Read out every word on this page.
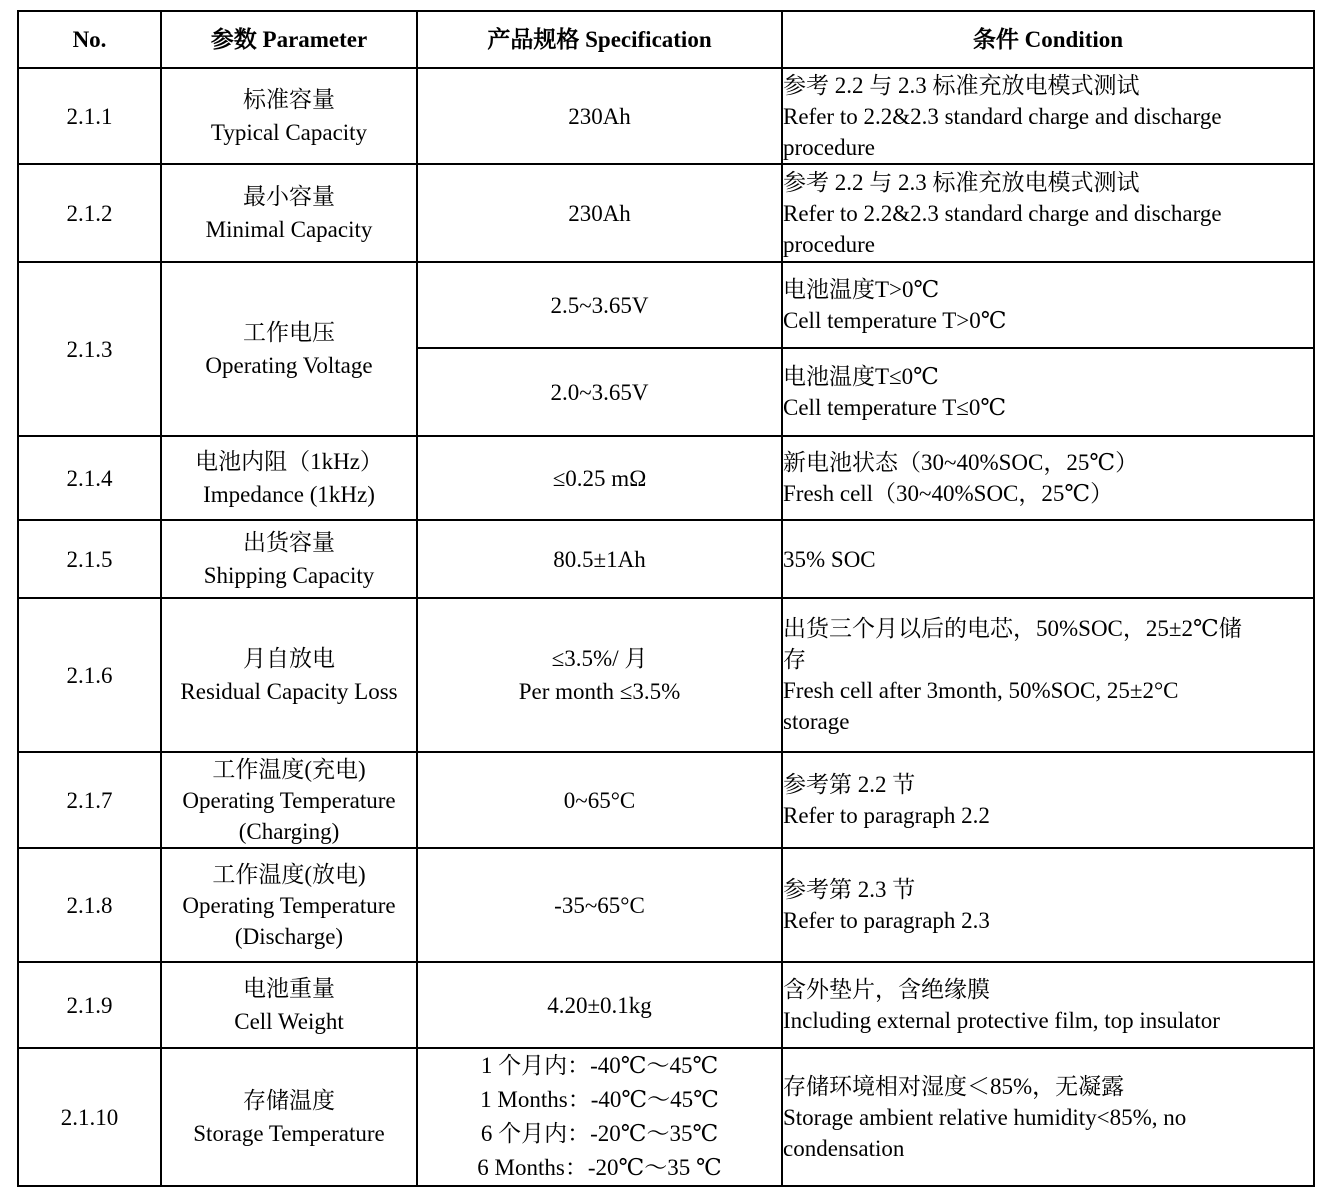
No.	参数 Parameter	产品规格 Specification	条件 Condition
2.1.1	标准容量
Typical Capacity	230Ah	参考 2.2 与 2.3 标准充放电模式测试
Refer to 2.2&2.3 standard charge and discharge
procedure

2.1.2	最小容量
Minimal Capacity	230Ah	参考 2.2 与 2.3 标准充放电模式测试
Refer to 2.2&2.3 standard charge and discharge
procedure

2.1.3	工作电压
Operating Voltage	2.5~3.65V	电池温度T>0℃
Cell temperature T>0℃

		2.0~3.65V	电池温度T≤0℃
Cell temperature T≤0℃

2.1.4	电池内阻（1kHz）
Impedance (1kHz)	≤0.25 mΩ	新电池状态（30~40%SOC，25℃）
Fresh cell（30~40%SOC，25℃）

2.1.5	出货容量
Shipping Capacity	80.5±1Ah	35% SOC

2.1.6	月自放电
Residual Capacity Loss	≤3.5%/ 月
Per month ≤3.5%	出货三个月以后的电芯，50%SOC，25±2℃储
存
Fresh cell after 3month, 50%SOC, 25±2°C
storage

2.1.7	工作温度(充电)
Operating Temperature
(Charging)	0~65°C	参考第 2.2 节
Refer to paragraph 2.2

2.1.8	工作温度(放电)
Operating Temperature
(Discharge)	-35~65°C	参考第 2.3 节
Refer to paragraph 2.3

2.1.9	电池重量
Cell Weight	4.20±0.1kg	含外垫片，含绝缘膜
Including external protective film, top insulator

2.1.10	存储温度
Storage Temperature	1 个月内：-40℃～45℃
1 Months：-40℃～45℃
6 个月内：-20℃～35℃
6 Months：-20℃～35 ℃	存储环境相对湿度＜85%，无凝露
Storage ambient relative humidity<85%, no
condensation
